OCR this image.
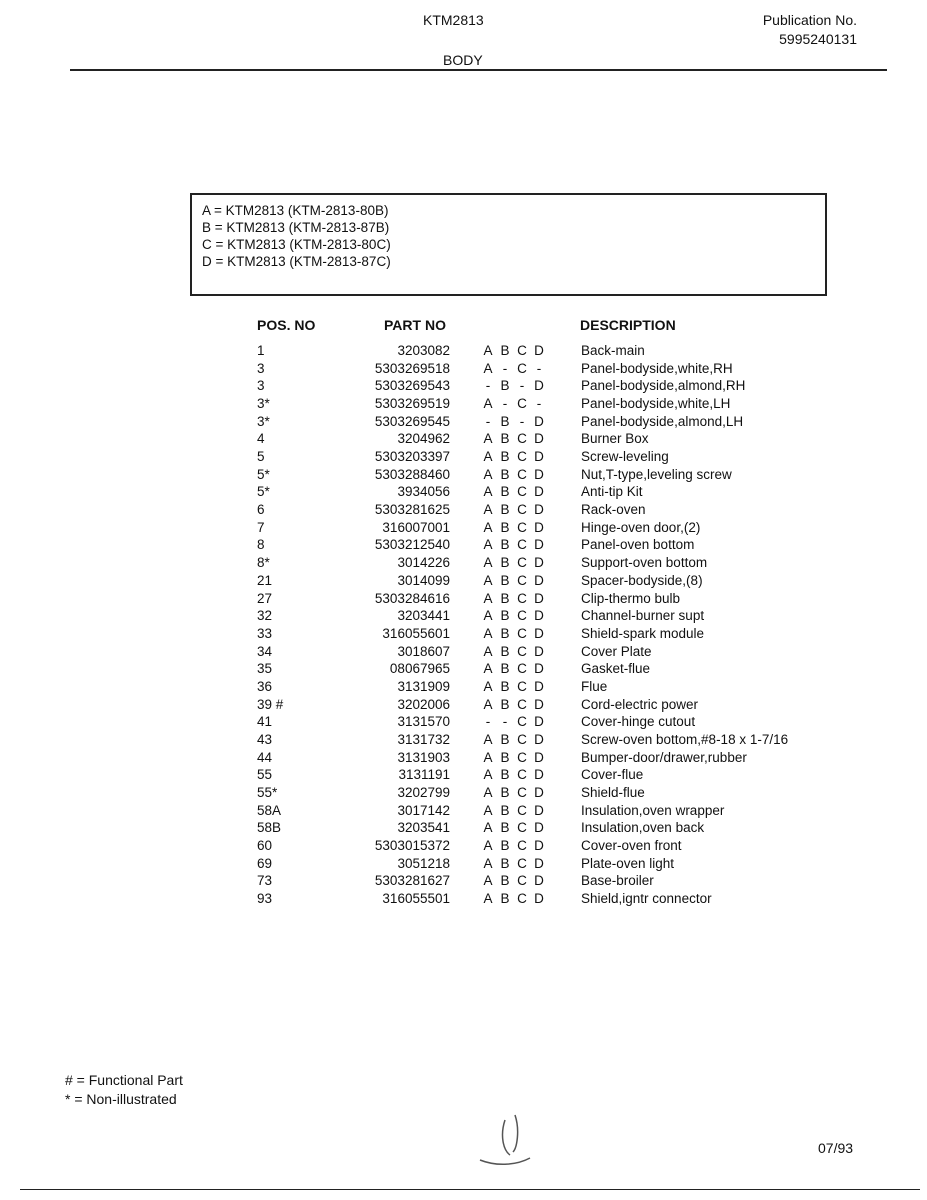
KTM2813	Publication No.
5995240131
BODY
A = KTM2813 (KTM-2813-80B)
B = KTM2813 (KTM-2813-87B)
C = KTM2813 (KTM-2813-80C)
D = KTM2813 (KTM-2813-87C)
POS. NO	PART NO	DESCRIPTION
1	3203082 A B C D	Back-main
3	5303269518 A - C -	Panel-bodyside,white,RH
3	5303269543	- B - D	Panel-bodyside,almond,RH
3*	5303269519 A - C -	Panel-bodyside,white,LH
3*	5303269545	- B - D	Panel-bodyside,almond,LH
4	3204962 A B C D	Burner Box
5	5303203397 A B C D	Screw-leveling
5*	5303288460 A B C D	Nut,T-type,leveling screw
5*	3934056 A B C D	Anti-tip Kit
6	5303281625 A B C D	Rack-oven
7	316007001 A B C D	Hinge-oven door,(2)
8	5303212540 A B C D	Panel-oven bottom
8*	3014226 A B C D	Support-oven bottom
21	3014099 A B C D	Spacer-bodyside,(8)
27	5303284616 A B C D	Clip-thermo bulb
32	3203441 A B C D	Channel-burner supt
33	316055601 A B C D	Shield-spark module
34	3018607 A B C D	Cover Plate
35	08067965 A B C D	Gasket-flue
36	3131909 A B C D	Flue
39 #	3202006 A B C D	Cord-electric power
41	3131570	- - C D	Cover-hinge cutout
43	3131732 A B C D	Screw-oven bottom,#8-18 x 1-7/16
44	3131903 A B C D	Bumper-door/drawer,rubber
55	3131191 A B C D	Cover-flue
55*	3202799 A B C D	Shield-flue
58A	3017142 A B C D	Insulation,oven wrapper
58B	3203541 A B C D	Insulation,oven back
60	5303015372 A B C D	Cover-oven front
69	3051218 A B C D	Plate-oven light
73	5303281627 A B C D	Base-broiler
93	316055501 A B C D	Shield,igntr connector
# = Functional Part
* = Non-illustrated
07/93
